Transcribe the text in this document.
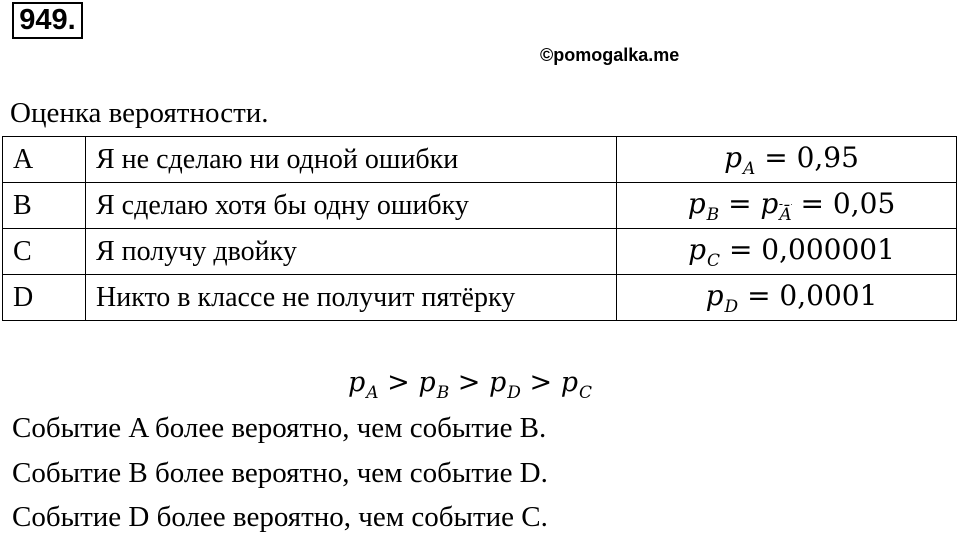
949.
©pomogalka.me
Оценка вероятности.
A	Я не сделаю ни одной ошибки	$p_A = 0,95$
B	Я сделаю хотя бы одну ошибку	$p_B = p_{\overline{Ā}} = 0,05$
C	Я получу двойку	$p_C = 0,000001$
D	Никто в классе не получит пятёрку	$p_D = 0,0001$
$p_A > p_B > p_D > p_C$
Событие A более вероятно, чем событие B.
Событие B более вероятно, чем событие D.
Событие D более вероятно, чем событие C.
